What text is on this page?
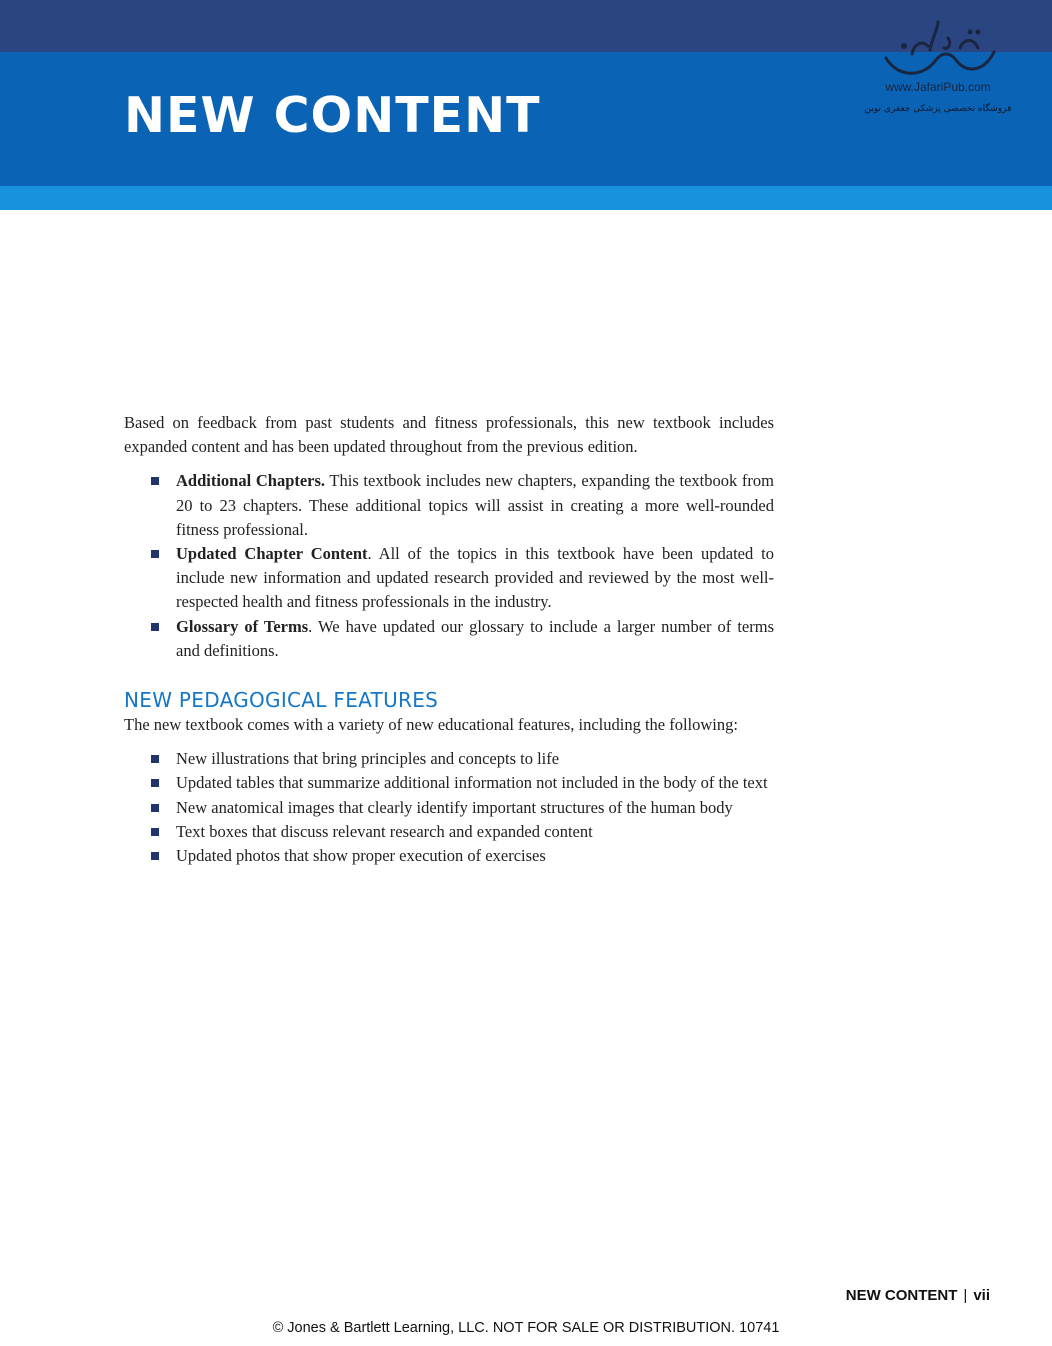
NEW CONTENT	www.JafariPub.com
فروشگاه تخصصی پزشکی جعفری نوین

Based on feedback from past students and fitness professionals, this new textbook includes expanded content and has been updated throughout from the previous edition.

Additional Chapters. This textbook includes new chapters, expanding the textbook from 20 to 23 chapters. These additional topics will assist in creating a more well-rounded fitness professional.
Updated Chapter Content. All of the topics in this textbook have been updated to include new information and updated research provided and reviewed by the most well-respected health and fitness professionals in the industry.
Glossary of Terms. We have updated our glossary to include a larger number of terms and definitions.
NEW PEDAGOGICAL FEATURES

The new textbook comes with a variety of new educational features, including the following:

New illustrations that bring principles and concepts to life
Updated tables that summarize additional information not included in the body of the text
New anatomical images that clearly identify important structures of the human body
Text boxes that discuss relevant research and expanded content
Updated photos that show proper execution of exercises
NEW CONTENT | vii
© Jones & Bartlett Learning, LLC. NOT FOR SALE OR DISTRIBUTION. 10741
